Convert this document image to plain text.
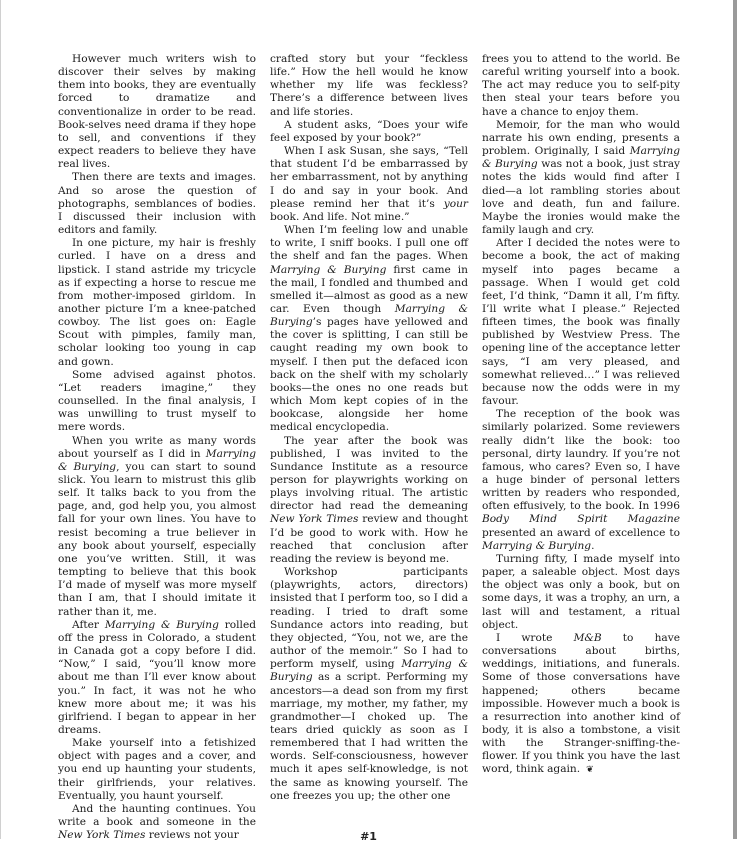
However much writers wish to discover their selves by making them into books, they are eventually forced to dramatize and conventionalize in order to be read. Book-selves need drama if they hope to sell, and conventions if they expect readers to believe they have real lives.

Then there are texts and images. And so arose the question of photographs, semblances of bodies. I discussed their inclusion with editors and family.

In one picture, my hair is freshly curled. I have on a dress and lipstick. I stand astride my tricycle as if expecting a horse to rescue me from mother-imposed girldom. In another picture I’m a knee-patched cowboy. The list goes on: Eagle Scout with pimples, family man, scholar looking too young in cap and gown.

Some advised against photos. “Let readers imagine,” they counselled. In the final analysis, I was unwilling to trust myself to mere words.

When you write as many words about yourself as I did in Marrying & Burying, you can start to sound slick. You learn to mistrust this glib self. It talks back to you from the page, and, god help you, you almost fall for your own lines. You have to resist becoming a true believer in any book about yourself, especially one you’ve written. Still, it was tempting to believe that this book I’d made of myself was more myself than I am, that I should imitate it rather than it, me.

After Marrying & Burying rolled off the press in Colorado, a student in Canada got a copy before I did. “Now,” I said, “you’ll know more about me than I’ll ever know about you.” In fact, it was not he who knew more about me; it was his girlfriend. I began to appear in her dreams.

Make yourself into a fetishized object with pages and a cover, and you end up haunting your students, their girlfriends, your relatives. Eventually, you haunt yourself.

And the haunting continues. You write a book and someone in the New York Times reviews not your

crafted story but your “feckless life.” How the hell would he know whether my life was feckless? There’s a difference between lives and life stories.

A student asks, “Does your wife feel exposed by your book?”

When I ask Susan, she says, “Tell that student I’d be embarrassed by her embarrassment, not by anything I do and say in your book. And please remind her that it’s your book. And life. Not mine.”

When I’m feeling low and unable to write, I sniff books. I pull one off the shelf and fan the pages. When Marrying & Burying first came in the mail, I fondled and thumbed and smelled it—almost as good as a new car. Even though Marrying & Burying’s pages have yellowed and the cover is splitting, I can still be caught reading my own book to myself. I then put the defaced icon back on the shelf with my scholarly books—the ones no one reads but which Mom kept copies of in the bookcase, alongside her home medical encyclopedia.

The year after the book was published, I was invited to the Sundance Institute as a resource person for playwrights working on plays involving ritual. The artistic director had read the demeaning New York Times review and thought I’d be good to work with. How he reached that conclusion after reading the review is beyond me.

Workshop participants (playwrights, actors, directors) insisted that I perform too, so I did a reading. I tried to draft some Sundance actors into reading, but they objected, “You, not we, are the author of the memoir.” So I had to perform myself, using Marrying & Burying as a script. Performing my ancestors—a dead son from my first marriage, my mother, my father, my grandmother—I choked up. The tears dried quickly as soon as I remembered that I had written the words. Self-consciousness, however much it apes self-knowledge, is not the same as knowing yourself. The one freezes you up; the other one

frees you to attend to the world. Be careful writing yourself into a book. The act may reduce you to self-pity then steal your tears before you have a chance to enjoy them.

Memoir, for the man who would narrate his own ending, presents a problem. Originally, I said Marrying & Burying was not a book, just stray notes the kids would find after I died—a lot rambling stories about love and death, fun and failure. Maybe the ironies would make the family laugh and cry.

After I decided the notes were to become a book, the act of making myself into pages became a passage. When I would get cold feet, I’d think, “Damn it all, I’m fifty. I’ll write what I please.” Rejected fifteen times, the book was finally published by Westview Press. The opening line of the acceptance letter says, “I am very pleased, and somewhat relieved…” I was relieved because now the odds were in my favour.

The reception of the book was similarly polarized. Some reviewers really didn’t like the book: too personal, dirty laundry. If you’re not famous, who cares? Even so, I have a huge binder of personal letters written by readers who responded, often effusively, to the book. In 1996 Body Mind Spirit Magazine presented an award of excellence to Marrying & Burying.

Turning fifty, I made myself into paper, a saleable object. Most days the object was only a book, but on some days, it was a trophy, an urn, a last will and testament, a ritual object.

I wrote M&B to have conversations about births, weddings, initiations, and funerals. Some of those conversations have happened; others became impossible. However much a book is a resurrection into another kind of body, it is also a tombstone, a visit with the Stranger-sniffing-the-flower. If you think you have the last word, think again. ❦

#1
